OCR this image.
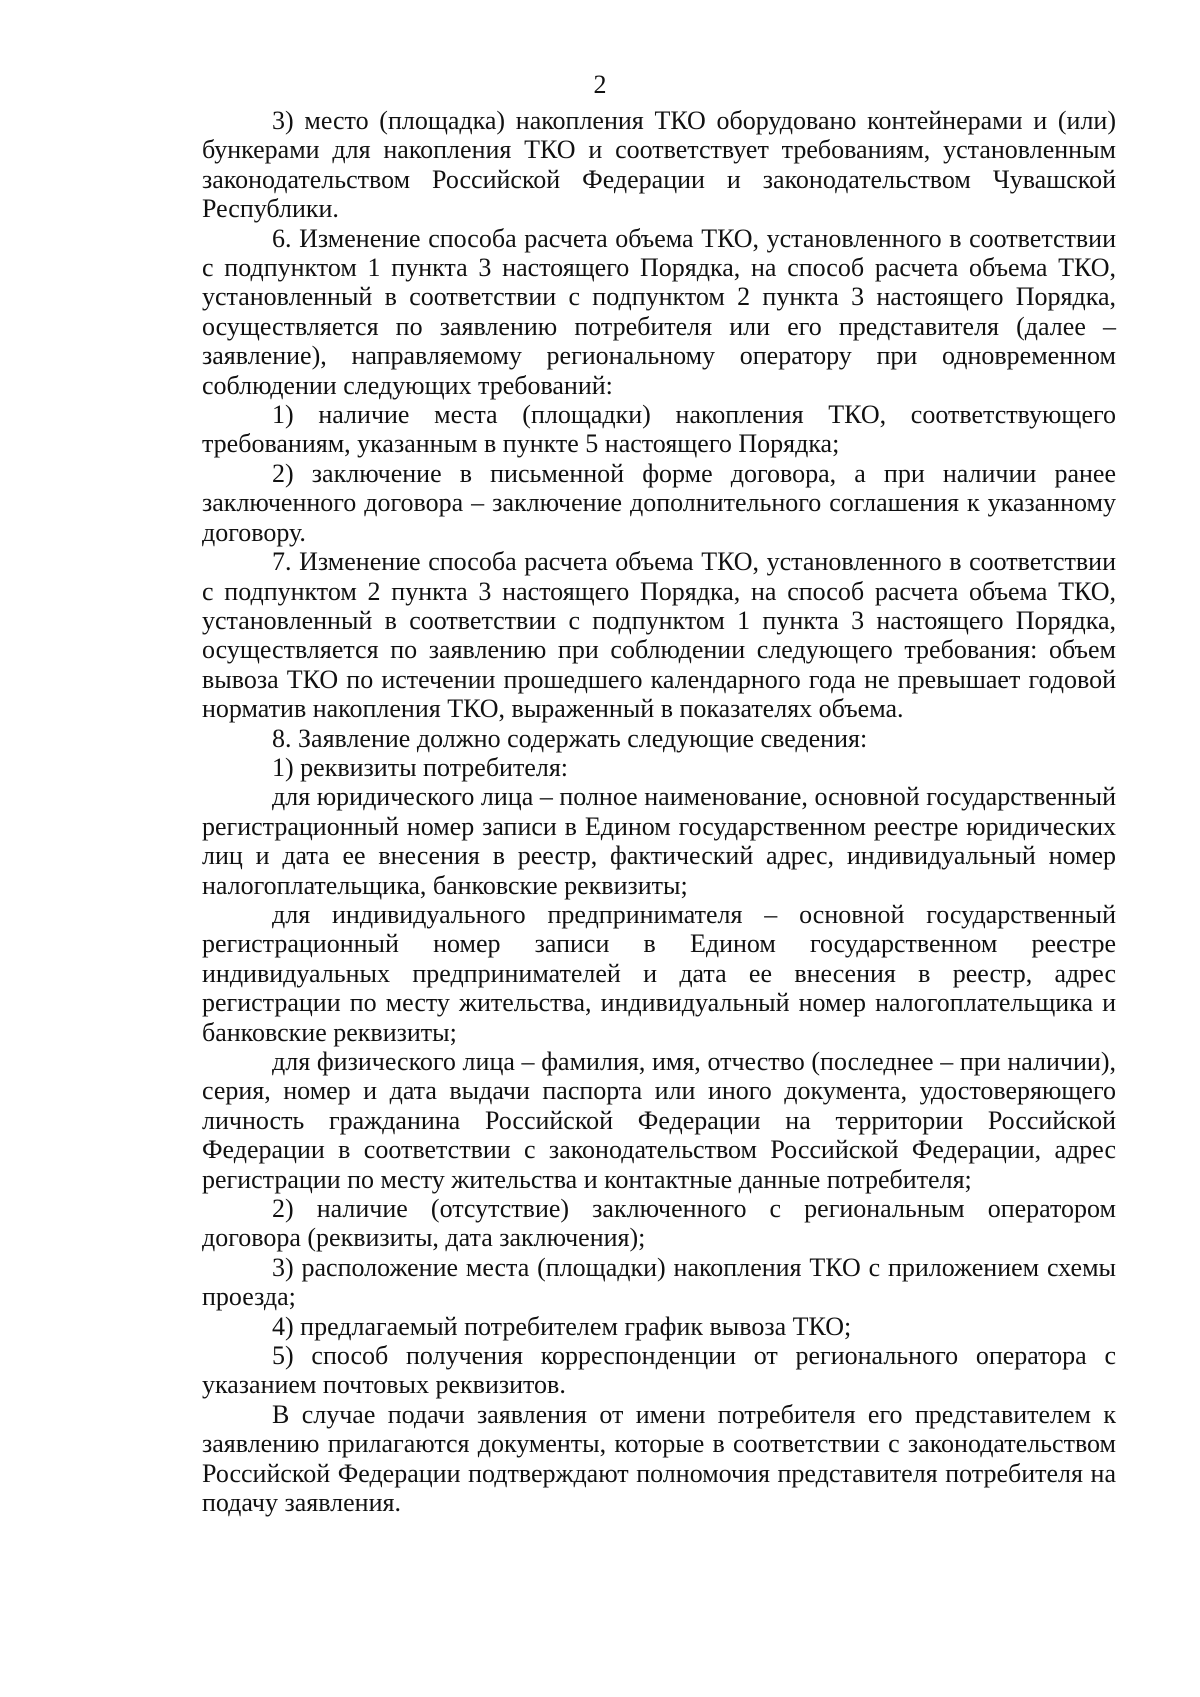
2

3) место (площадка) накопления ТКО оборудовано контейнерами и (или) бункерами для накопления ТКО и соответствует требованиям, установленным законодательством Российской Федерации и законодательством Чувашской Республики.

6. Изменение способа расчета объема ТКО, установленного в соответствии с подпунктом 1 пункта 3 настоящего Порядка, на способ расчета объема ТКО, установленный в соответствии с подпунктом 2 пункта 3 настоящего Порядка, осуществляется по заявлению потребителя или его представителя (далее – заявление), направляемому региональному оператору при одновременном соблюдении следующих требований:

1) наличие места (площадки) накопления ТКО, соответствующего требованиям, указанным в пункте 5 настоящего Порядка;

2) заключение в письменной форме договора, а при наличии ранее заключенного договора – заключение дополнительного соглашения к указанному договору.

7. Изменение способа расчета объема ТКО, установленного в соответствии с подпунктом 2 пункта 3 настоящего Порядка, на способ расчета объема ТКО, установленный в соответствии с подпунктом 1 пункта 3 настоящего Порядка, осуществляется по заявлению при соблюдении следующего требования: объем вывоза ТКО по истечении прошедшего календарного года не превышает годовой норматив накопления ТКО, выраженный в показателях объема.

8. Заявление должно содержать следующие сведения:

1) реквизиты потребителя:

для юридического лица – полное наименование, основной государственный регистрационный номер записи в Едином государственном реестре юридических лиц и дата ее внесения в реестр, фактический адрес, индивидуальный номер налогоплательщика, банковские реквизиты;

для индивидуального предпринимателя – основной государственный регистрационный номер записи в Едином государственном реестре индивидуальных предпринимателей и дата ее внесения в реестр, адрес регистрации по месту жительства, индивидуальный номер налогоплательщика и банковские реквизиты;

для физического лица – фамилия, имя, отчество (последнее – при наличии), серия, номер и дата выдачи паспорта или иного документа, удостоверяющего личность гражданина Российской Федерации на территории Российской Федерации в соответствии с законодательством Российской Федерации, адрес регистрации по месту жительства и контактные данные потребителя;

2) наличие (отсутствие) заключенного с региональным оператором договора (реквизиты, дата заключения);

3) расположение места (площадки) накопления ТКО с приложением схемы проезда;

4) предлагаемый потребителем график вывоза ТКО;

5) способ получения корреспонденции от регионального оператора с указанием почтовых реквизитов.

В случае подачи заявления от имени потребителя его представителем к заявлению прилагаются документы, которые в соответствии с законодательством Российской Федерации подтверждают полномочия представителя потребителя на подачу заявления.
